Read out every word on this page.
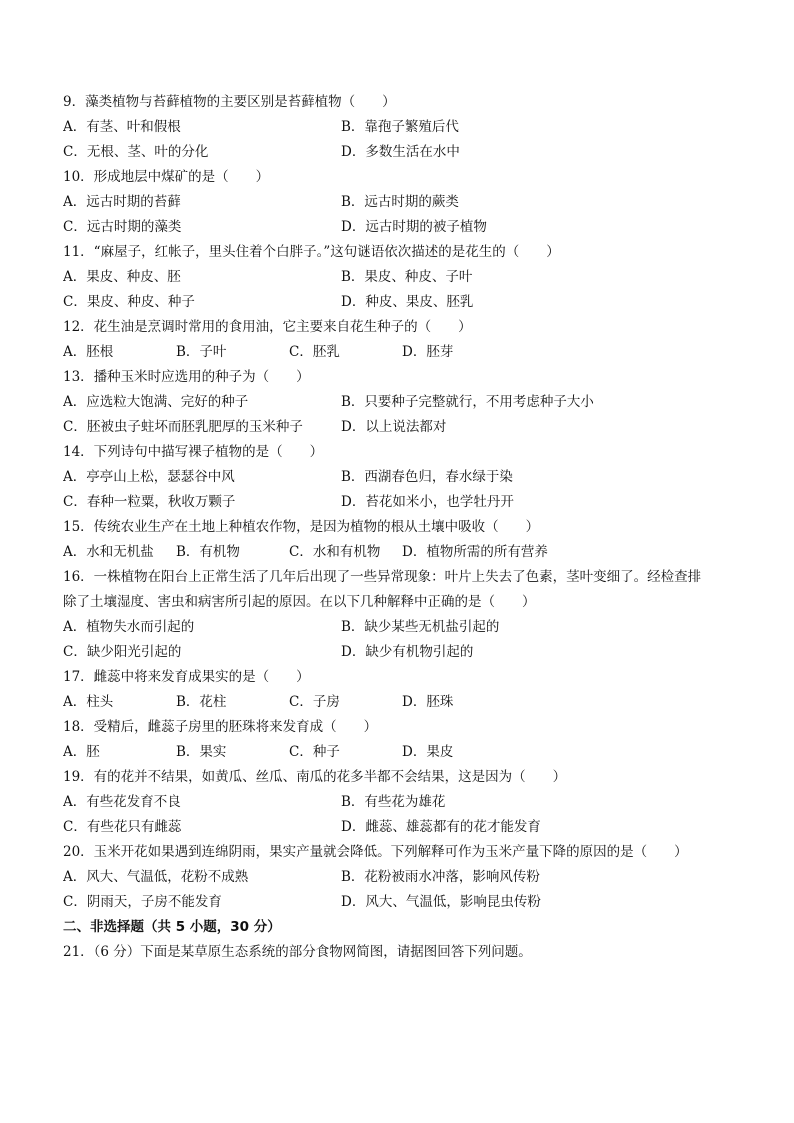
9．藻类植物与苔藓植物的主要区别是苔藓植物（　　）
A．有茎、叶和假根	B．靠孢子繁殖后代
C．无根、茎、叶的分化	D．多数生活在水中
10．形成地层中煤矿的是（　　）
A．远古时期的苔藓	B．远古时期的蕨类
C．远古时期的藻类	D．远古时期的被子植物
11．“麻屋子，红帐子，里头住着个白胖子。”这句谜语依次描述的是花生的（　　）
A．果皮、种皮、胚	B．果皮、种皮、子叶
C．果皮、种皮、种子	D．种皮、果皮、胚乳
12．花生油是烹调时常用的食用油，它主要来自花生种子的（　　）
A．胚根	B．子叶	C．胚乳	D．胚芽
13．播种玉米时应选用的种子为（　　）
A．应选粒大饱满、完好的种子	B．只要种子完整就行，不用考虑种子大小
C．胚被虫子蛀坏而胚乳肥厚的玉米种子	D．以上说法都对
14．下列诗句中描写裸子植物的是（　　）
A．亭亭山上松，瑟瑟谷中风	B．西湖春色归，春水绿于染
C．春种一粒粟，秋收万颗子	D．苔花如米小，也学牡丹开
15．传统农业生产在土地上种植农作物，是因为植物的根从土壤中吸收（　　）
A．水和无机盐	B．有机物	C．水和有机物	D．植物所需的所有营养
16．一株植物在阳台上正常生活了几年后出现了一些异常现象：叶片上失去了色素，茎叶变细了。经检查排
除了土壤湿度、害虫和病害所引起的原因。在以下几种解释中正确的是（　　）
A．植物失水而引起的	B．缺少某些无机盐引起的
C．缺少阳光引起的	D．缺少有机物引起的
17．雌蕊中将来发育成果实的是（　　）
A．柱头	B．花柱	C．子房	D．胚珠
18．受精后，雌蕊子房里的胚珠将来发育成（　　）
A．胚	B．果实	C．种子	D．果皮
19．有的花并不结果，如黄瓜、丝瓜、南瓜的花多半都不会结果，这是因为（　　）
A．有些花发育不良	B．有些花为雄花
C．有些花只有雌蕊	D．雌蕊、雄蕊都有的花才能发育
20．玉米开花如果遇到连绵阴雨，果实产量就会降低。下列解释可作为玉米产量下降的原因的是（　　）
A．风大、气温低，花粉不成熟	B．花粉被雨水冲落，影响风传粉
C．阴雨天，子房不能发育	D．风大、气温低，影响昆虫传粉
二、非选择题（共 5 小题，30 分）
21．（6 分）下面是某草原生态系统的部分食物网简图，请据图回答下列问题。
